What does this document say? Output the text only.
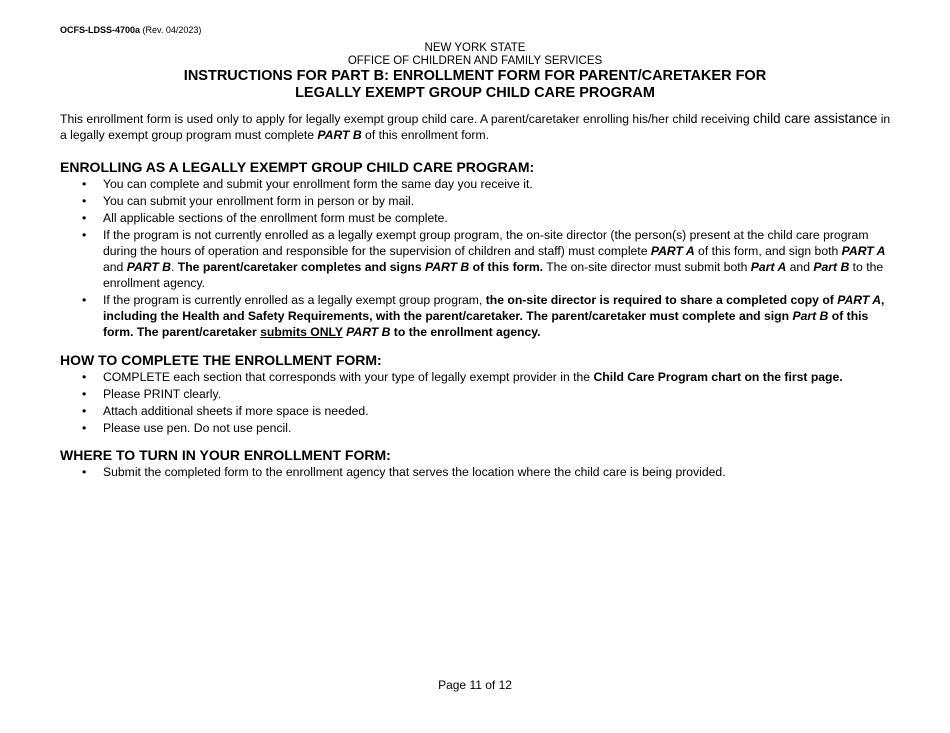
OCFS-LDSS-4700a (Rev. 04/2023)
NEW YORK STATE
OFFICE OF CHILDREN AND FAMILY SERVICES
INSTRUCTIONS FOR PART B: ENROLLMENT FORM FOR PARENT/CARETAKER FOR
LEGALLY EXEMPT GROUP CHILD CARE PROGRAM

This enrollment form is used only to apply for legally exempt group child care. A parent/caretaker enrolling his/her child receiving child care assistance in a legally exempt group program must complete PART B of this enrollment form.

ENROLLING AS A LEGALLY EXEMPT GROUP CHILD CARE PROGRAM:
• You can complete and submit your enrollment form the same day you receive it.
• You can submit your enrollment form in person or by mail.
• All applicable sections of the enrollment form must be complete.
• If the program is not currently enrolled as a legally exempt group program, the on-site director (the person(s) present at the child care program during the hours of operation and responsible for the supervision of children and staff) must complete PART A of this form, and sign both PART A and PART B. The parent/caretaker completes and signs PART B of this form. The on-site director must submit both Part A and Part B to the enrollment agency.
• If the program is currently enrolled as a legally exempt group program, the on-site director is required to share a completed copy of PART A, including the Health and Safety Requirements, with the parent/caretaker. The parent/caretaker must complete and sign Part B of this form. The parent/caretaker submits ONLY PART B to the enrollment agency.
HOW TO COMPLETE THE ENROLLMENT FORM:
• COMPLETE each section that corresponds with your type of legally exempt provider in the Child Care Program chart on the first page.
• Please PRINT clearly.
• Attach additional sheets if more space is needed.
• Please use pen. Do not use pencil.
WHERE TO TURN IN YOUR ENROLLMENT FORM:
• Submit the completed form to the enrollment agency that serves the location where the child care is being provided.
Page 11 of 12
